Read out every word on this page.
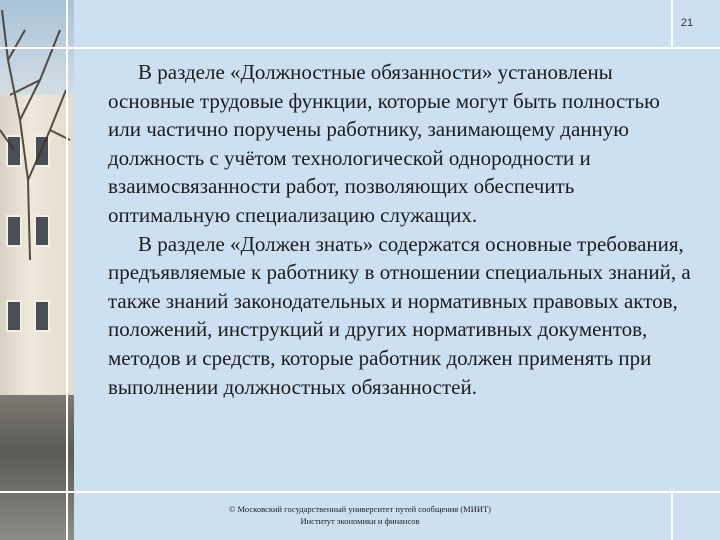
21

В разделе «Должностные обязанности» установлены основные трудовые функции, которые могут быть полностью или частично поручены работнику, занимающему данную должность с учётом технологической однородности и взаимосвязанности работ, позволяющих обеспечить оптимальную специализацию служащих.

В разделе «Должен знать» содержатся основные требования, предъявляемые к работнику в отношении специальных знаний, а также знаний законодательных и нормативных правовых актов, положений, инструкций и других нормативных документов, методов и средств, которые работник должен применять при выполнении должностных обязанностей.

© Московский государственный университет путей сообщения (МИИТ)
Институт экономики и финансов
